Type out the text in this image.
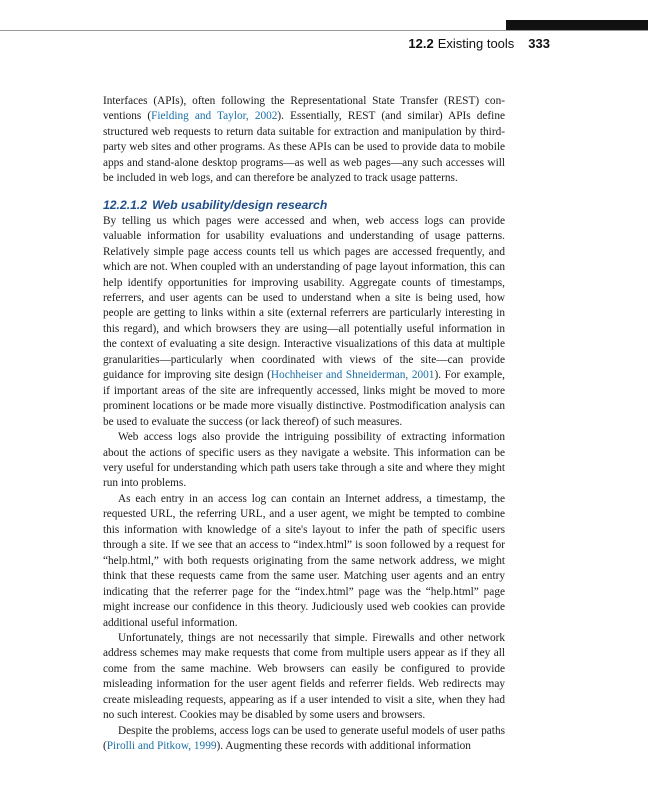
12.2 Existing tools 333

Interfaces (APIs), often following the Representational State Transfer (REST) conventions (Fielding and Taylor, 2002). Essentially, REST (and similar) APIs define structured web requests to return data suitable for extraction and manipulation by third-party web sites and other programs. As these APIs can be used to provide data to mobile apps and stand-alone desktop programs—as well as web pages—any such accesses will be included in web logs, and can therefore be analyzed to track usage patterns.

12.2.1.2 Web usability/design research

By telling us which pages were accessed and when, web access logs can provide valuable information for usability evaluations and understanding of usage patterns. Relatively simple page access counts tell us which pages are accessed frequently, and which are not. When coupled with an understanding of page layout information, this can help identify opportunities for improving usability. Aggregate counts of timestamps, referrers, and user agents can be used to understand when a site is being used, how people are getting to links within a site (external referrers are particularly interesting in this regard), and which browsers they are using—all potentially useful information in the context of evaluating a site design. Interactive visualizations of this data at multiple granularities—particularly when coordinated with views of the site—can provide guidance for improving site design (Hochheiser and Shneiderman, 2001). For example, if important areas of the site are infrequently accessed, links might be moved to more prominent locations or be made more visually distinctive. Postmodification analysis can be used to evaluate the success (or lack thereof) of such measures.

Web access logs also provide the intriguing possibility of extracting information about the actions of specific users as they navigate a website. This information can be very useful for understanding which path users take through a site and where they might run into problems.

As each entry in an access log can contain an Internet address, a timestamp, the requested URL, the referring URL, and a user agent, we might be tempted to combine this information with knowledge of a site's layout to infer the path of specific users through a site. If we see that an access to “index.html” is soon followed by a request for “help.html,” with both requests originating from the same network address, we might think that these requests came from the same user. Matching user agents and an entry indicating that the referrer page for the “index.html” page was the “help.html” page might increase our confidence in this theory. Judiciously used web cookies can provide additional useful information.

Unfortunately, things are not necessarily that simple. Firewalls and other network address schemes may make requests that come from multiple users appear as if they all come from the same machine. Web browsers can easily be configured to provide misleading information for the user agent fields and referrer fields. Web redirects may create misleading requests, appearing as if a user intended to visit a site, when they had no such interest. Cookies may be disabled by some users and browsers.

Despite the problems, access logs can be used to generate useful models of user paths (Pirolli and Pitkow, 1999). Augmenting these records with additional information
